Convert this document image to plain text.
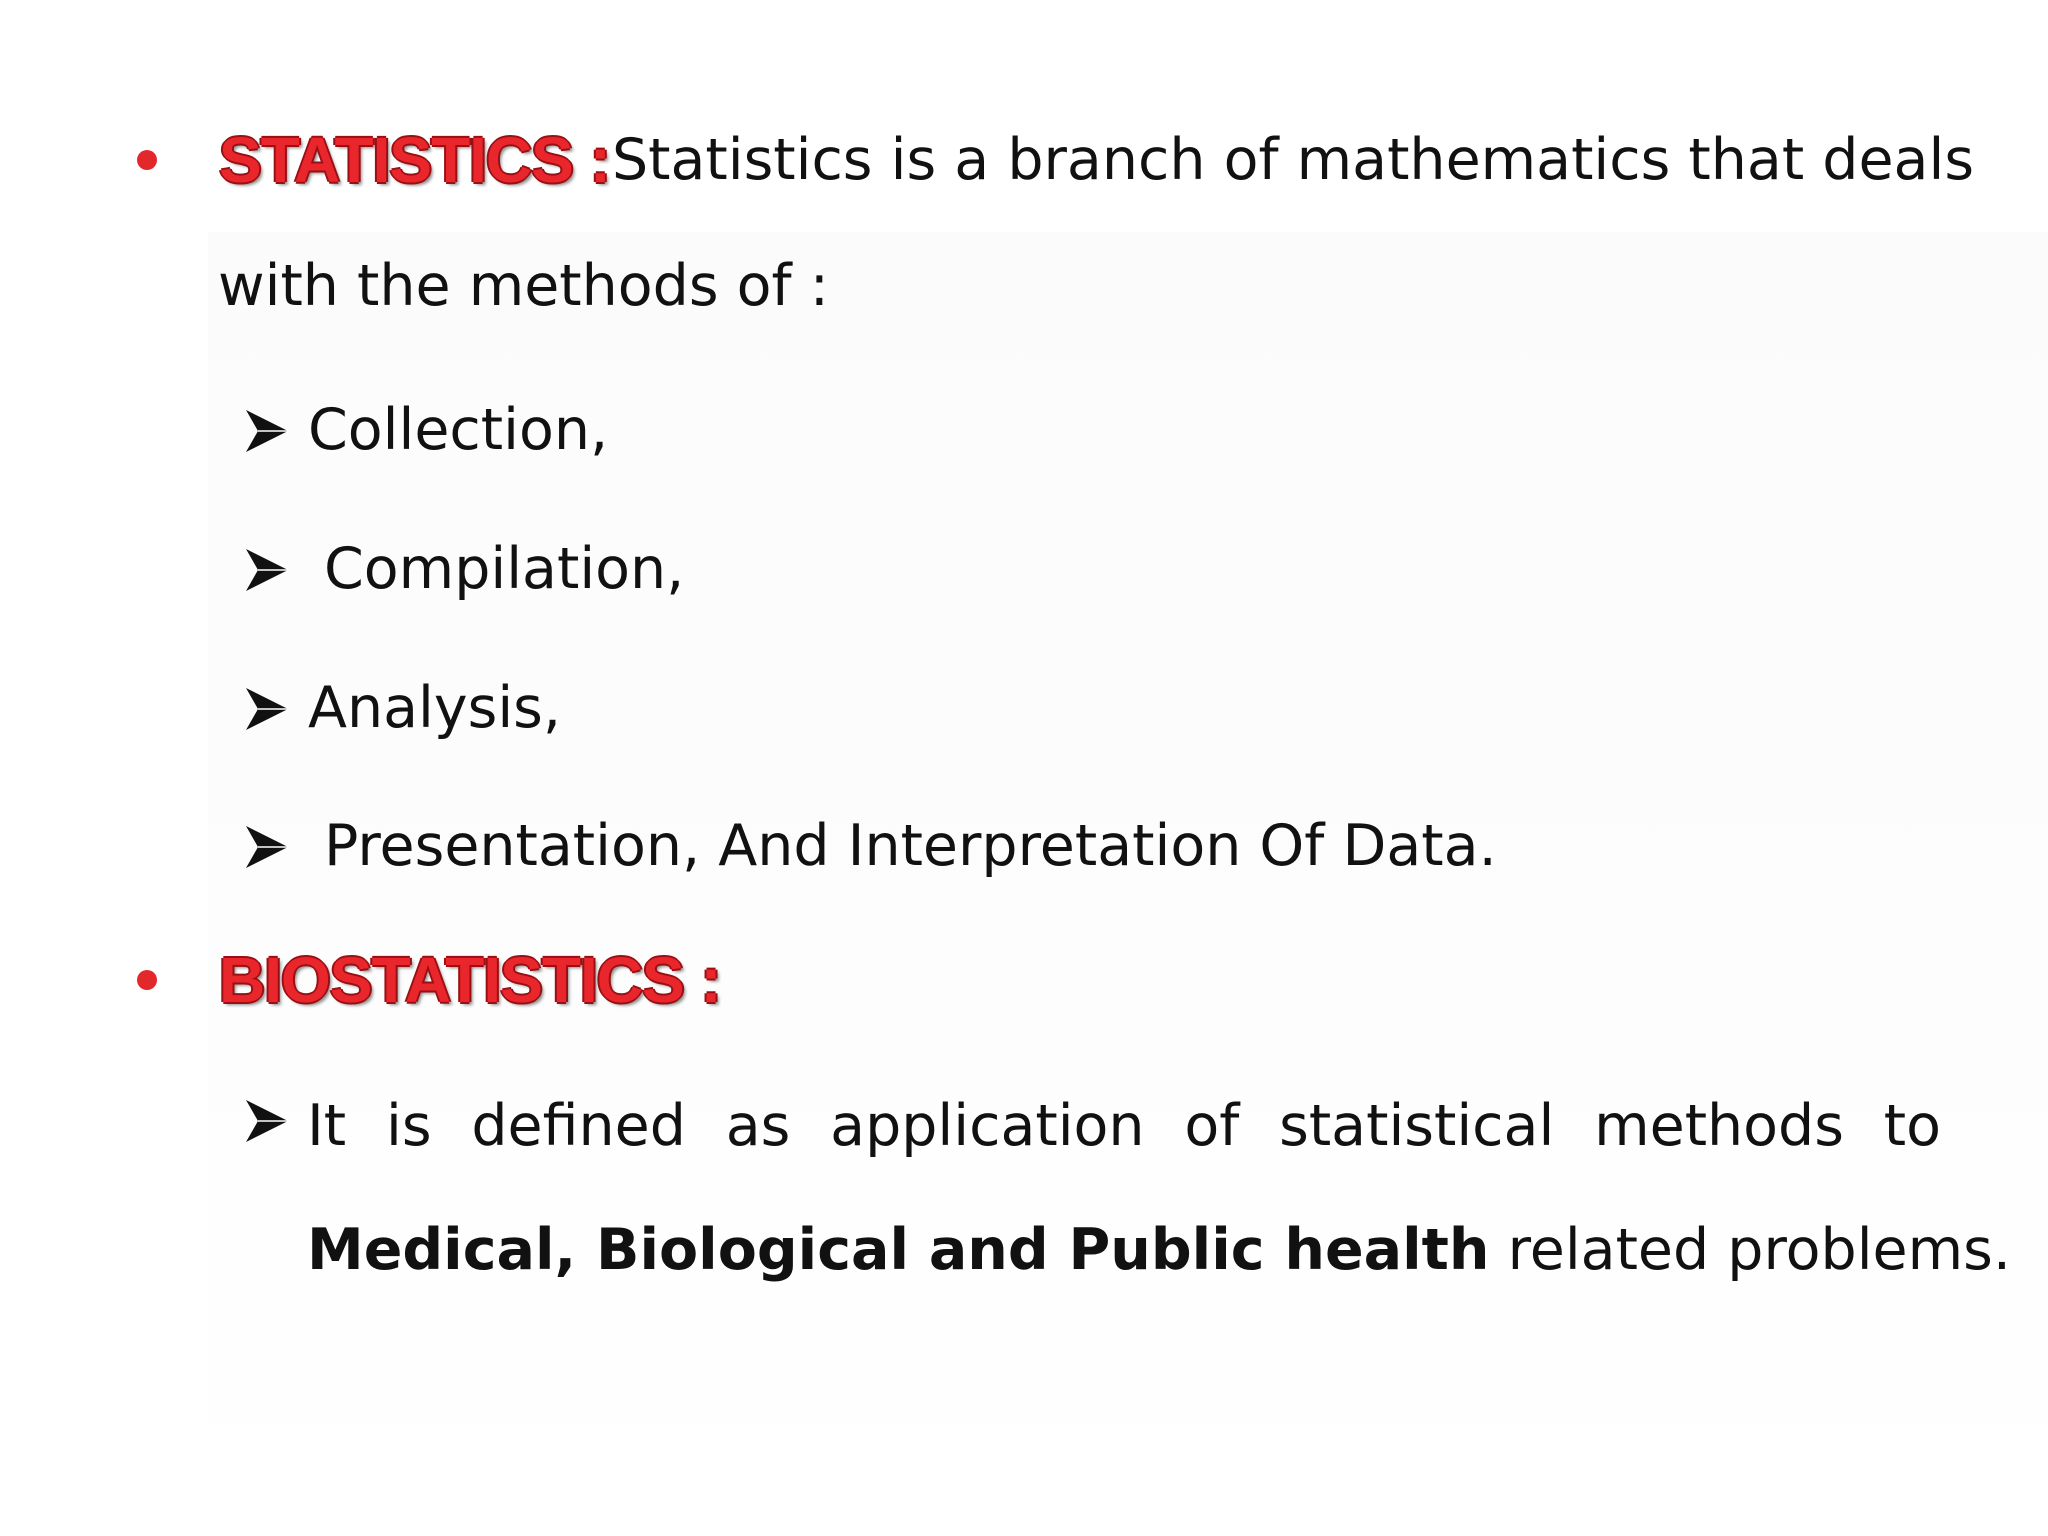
STATISTICS : Statistics is a branch of mathematics that deals
with the methods of :
Collection,
Compilation,
Analysis,
Presentation, And Interpretation Of Data.
BIOSTATISTICS :
It is defined as application of statistical methods to
Medical, Biological and Public health related problems.
